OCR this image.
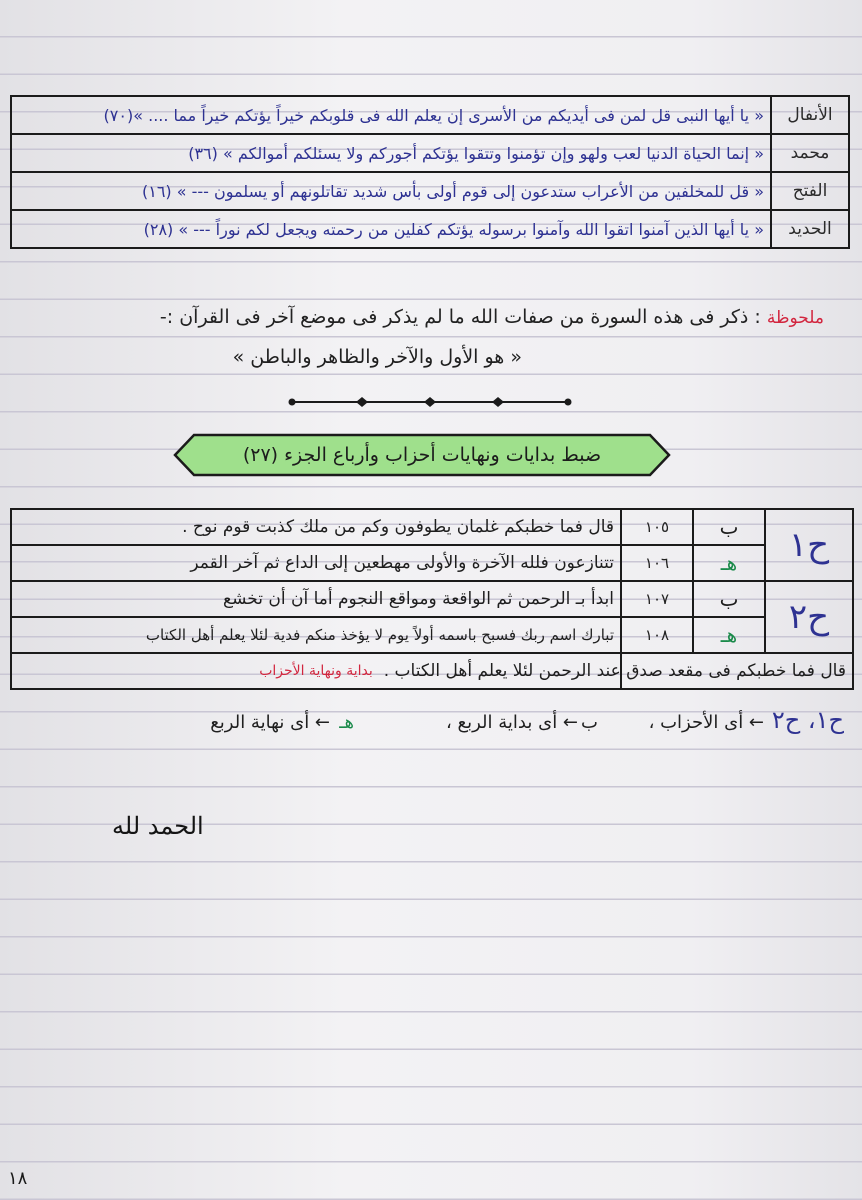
الأنفال	« يا أيها النبى قل لمن فى أيديكم من الأسرى إن يعلم الله فى قلوبكم خيراً يؤتكم خيراً مما .... »(٧٠)
محمد	« إنما الحياة الدنيا لعب ولهو وإن تؤمنوا وتتقوا يؤتكم أجوركم ولا يسئلكم أموالكم » (٣٦)
الفتح	« قل للمخلفين من الأعراب ستدعون إلى قوم أولى بأس شديد تقاتلونهم أو يسلمون --- » (١٦)
الحديد	« يا أيها الذين آمنوا اتقوا الله وآمنوا برسوله يؤتكم كفلين من رحمته ويجعل لكم نوراً --- » (٢٨)
ملحوظة : ذكر فى هذه السورة من صفات الله ما لم يذكر فى موضع آخر فى القرآن :-
« هو الأول والآخر والظاهر والباطن »
ضبط بدايات ونهايات أحزاب وأرباع الجزء (٢٧)
ح١	ب	١٠٥	قال فما خطبكم غلمان يطوفون وكم من ملك كذبت قوم نوح .
	هـ	١٠٦	تتنازعون فلله الآخرة والأولى مهطعين إلى الداع ثم آخر القمر
ح٢	ب	١٠٧	ابدأ بـ الرحمن ثم الواقعة ومواقع النجوم أما آن أن تخشع
	هـ	١٠٨	تبارك اسم ربك فسبح باسمه أولاً يوم لا يؤخذ منكم فدية لئلا يعلم أهل الكتاب
قال فما خطبكم فى مقعد صدق عند الرحمن لئلا يعلم أهل الكتاب .			بداية ونهاية الأحزاب
ح١، ح٢
← أى الأحزاب ،
ب
← أى بداية الربع ،
هـ
← أى نهاية الربع
الحمد لله
١٨
